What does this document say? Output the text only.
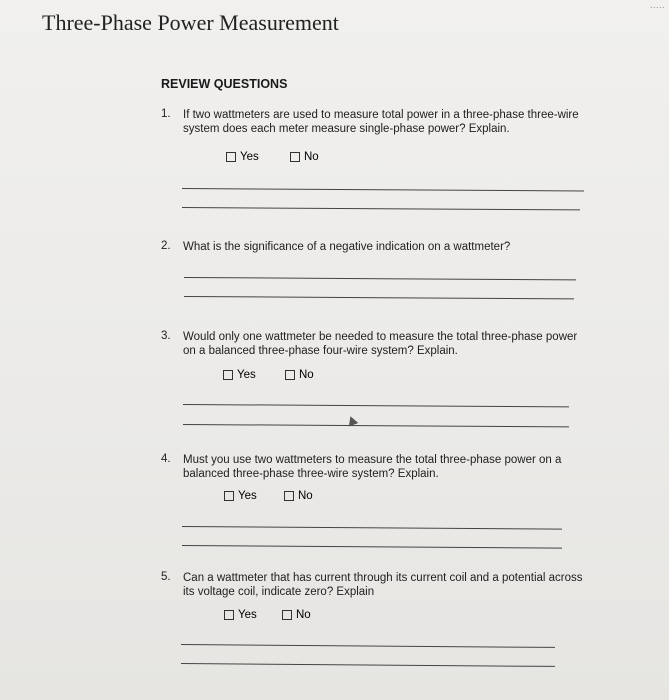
.....
Three-Phase Power Measurement
REVIEW QUESTIONS
1. If two wattmeters are used to measure total power in a three-phase three-wire system does each meter measure single-phase power? Explain.
Yes	No
2. What is the significance of a negative indication on a wattmeter?
3. Would only one wattmeter be needed to measure the total three-phase power on a balanced three-phase four-wire system? Explain.
Yes	No
4. Must you use two wattmeters to measure the total three-phase power on a balanced three-phase three-wire system? Explain.
Yes	No
5. Can a wattmeter that has current through its current coil and a potential across its voltage coil, indicate zero? Explain
Yes	No
